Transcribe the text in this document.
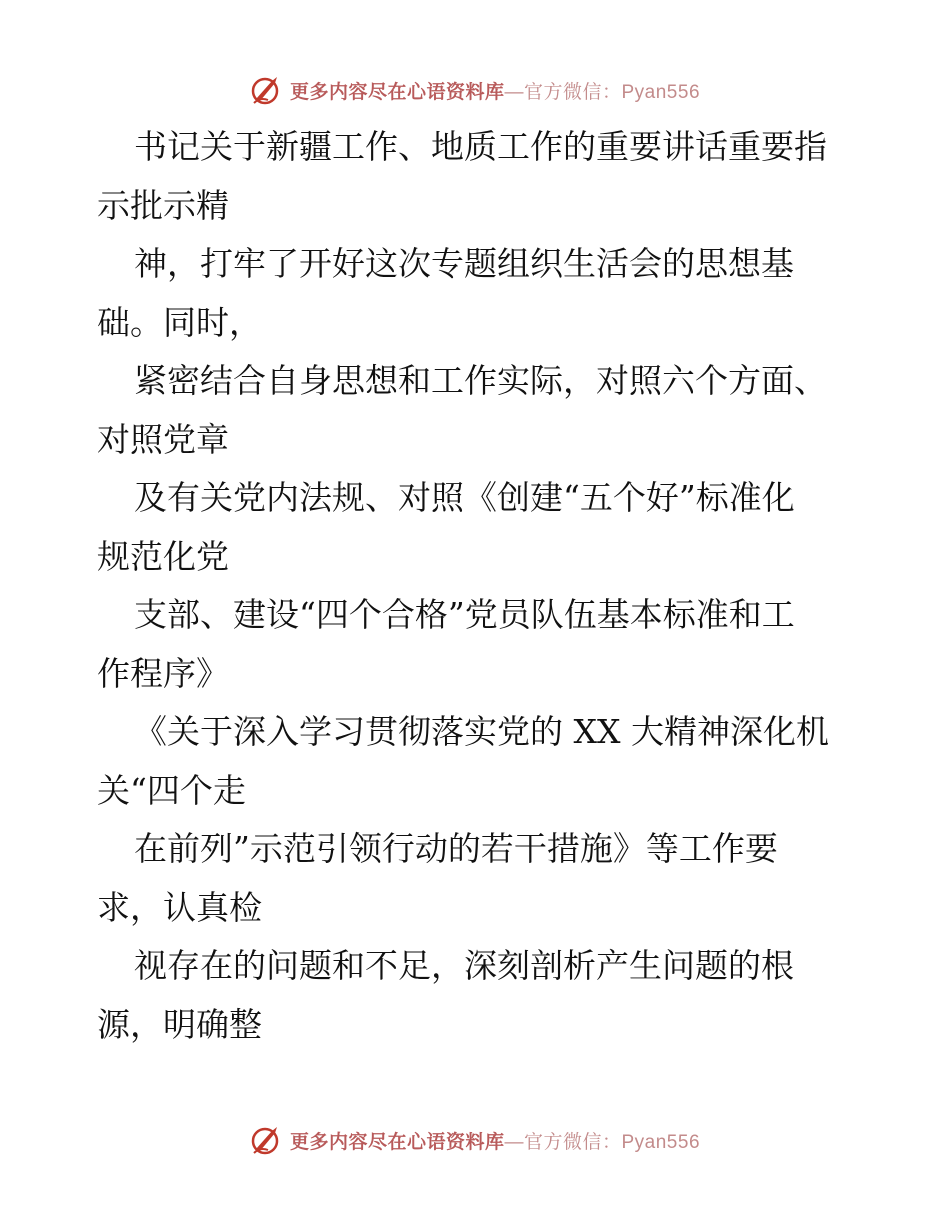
更多内容尽在心语资料库 —官方微信：Pyan556
书记关于新疆工作、地质工作的重要讲话重要指
示批示精
神，打牢了开好这次专题组织生活会的思想基
础。同时，
紧密结合自身思想和工作实际，对照六个方面、
对照党章
及有关党内法规、对照《创建“五个好”标准化
规范化党
支部、建设“四个合格”党员队伍基本标准和工
作程序》
《关于深入学习贯彻落实党的 XX 大精神深化机
关“四个走
在前列”示范引领行动的若干措施》等工作要
求，认真检
视存在的问题和不足，深刻剖析产生问题的根
源，明确整
更多内容尽在心语资料库 —官方微信：Pyan556
